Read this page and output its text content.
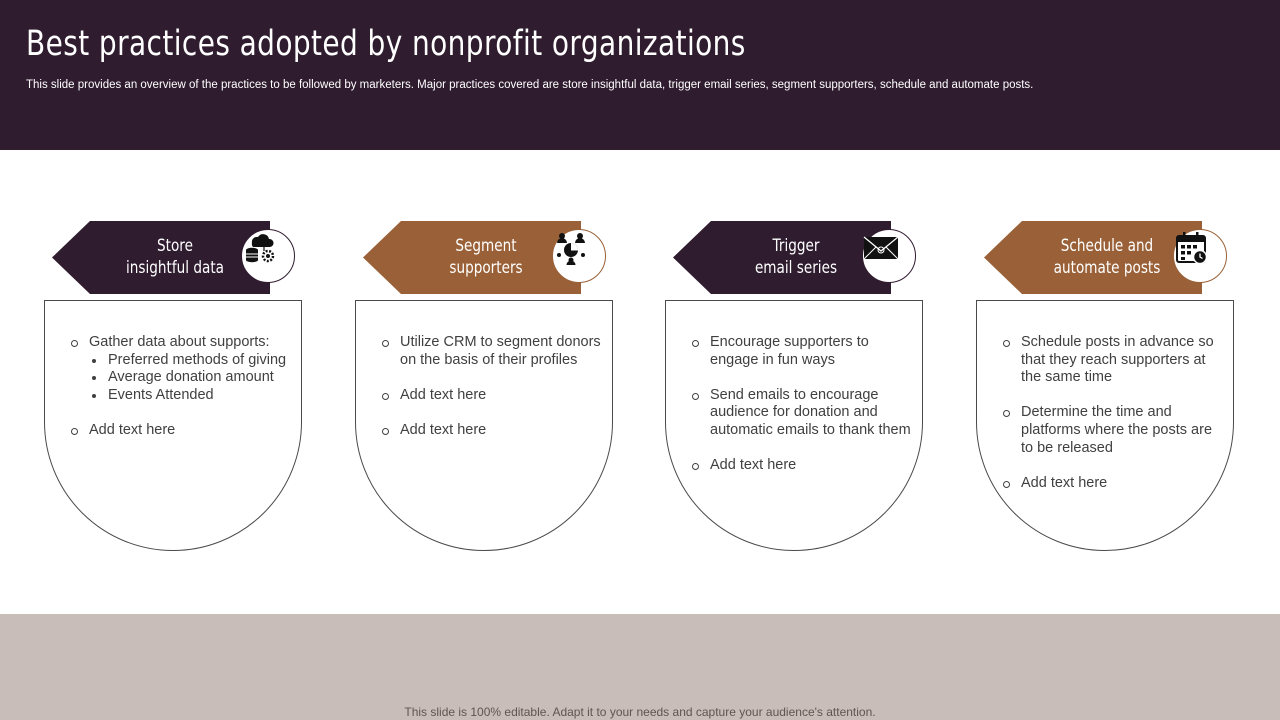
Best practices adopted by nonprofit organizations

This slide provides an overview of the practices to be followed by marketers. Major practices covered are store insightful data, trigger email series, segment supporters, schedule and automate posts.

Gather data about supports:
Preferred methods of giving
Average donation amount
Events Attended
Add text here
Store
insightful data
Utilize CRM to segment donors on the basis of their profiles
Add text here
Add text here
Segment
supporters
Encourage supporters to engage in fun ways
Send emails to encourage audience for donation and automatic emails to thank them
Add text here
Trigger
email series
Schedule posts in advance so that they reach supporters at the same time
Determine the time and platforms where the posts are to be released
Add text here
Schedule and
automate posts
This slide is 100% editable. Adapt it to your needs and capture your audience's attention.
